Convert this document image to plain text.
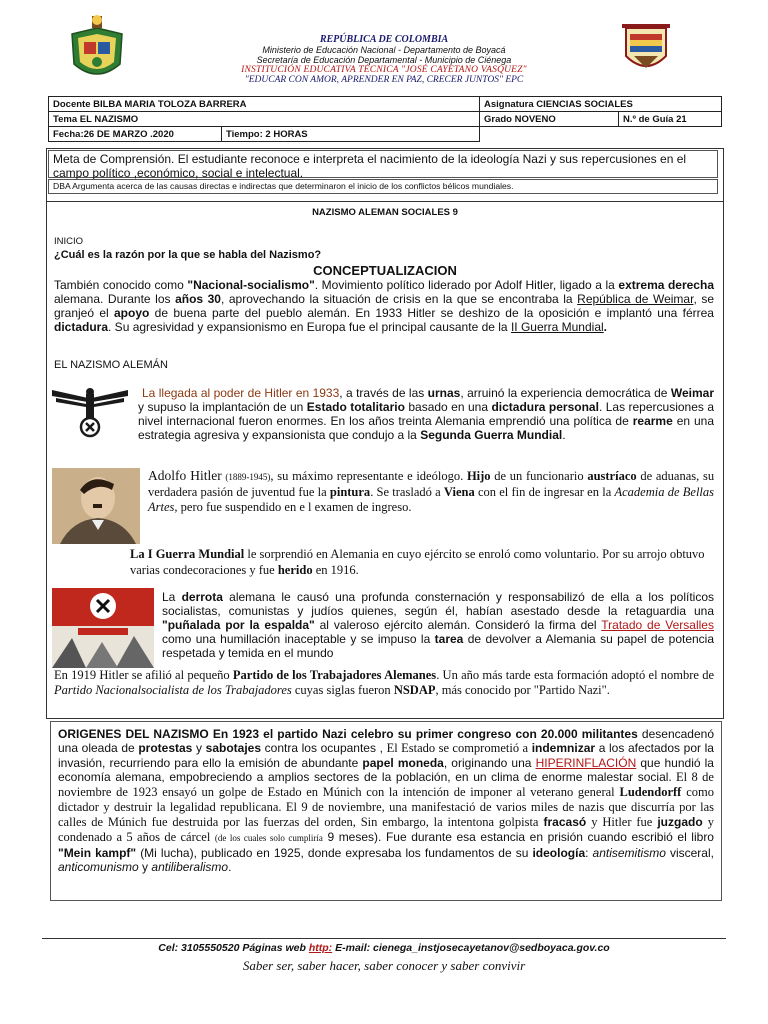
REPÚBLICA DE COLOMBIA
Ministerio de Educación Nacional - Departamento de Boyacá
Secretaría de Educación Departamental - Municipio de Ciénega
INSTITUCIÓN EDUCATIVA TÉCNICA "JOSÉ CAYETANO VASQUEZ"
"EDUCAR CON AMOR, APRENDER EN PAZ, CRECER JUNTOS" EPC
Docente BILBA MARIA TOLOZA BARRERA		Asignatura CIENCIAS SOCIALES	
Tema EL NAZISMO		Grado NOVENO	N.º de Guía 21
Fecha:26 DE MARZO .2020	Tiempo: 2 HORAS		
Meta de Comprensión. El estudiante reconoce e interpreta el nacimiento de la ideología Nazi y sus repercusiones en el campo político ,económico, social e intelectual.
DBA Argumenta acerca de las causas directas e indirectas que determinaron el inicio de los conflictos bélicos mundiales.
NAZISMO ALEMAN SOCIALES 9
INICIO
¿Cuál es la razón por la que se habla del Nazismo?
CONCEPTUALIZACION
También conocido como "Nacional-socialismo". Movimiento político liderado por Adolf Hitler, ligado a la extrema derecha alemana. Durante los años 30, aprovechando la situación de crisis en la que se encontraba la República de Weimar, se granjeó el apoyo de buena parte del pueblo alemán. En 1933 Hitler se deshizo de la oposición e implantó una férrea dictadura. Su agresividad y expansionismo en Europa fue el principal causante de la II Guerra Mundial.
EL NAZISMO ALEMÁN
La llegada al poder de Hitler en 1933, a través de las urnas, arruinó la experiencia democrática de Weimar y supuso la implantación de un Estado totalitario basado en una dictadura personal. Las repercusiones a nivel internacional fueron enormes. En los años treinta Alemania emprendió una política de rearme en una estrategia agresiva y expansionista que condujo a la Segunda Guerra Mundial.
Adolfo Hitler (1889-1945), su máximo representante e ideólogo. Hijo de un funcionario austríaco de aduanas, su verdadera pasión de juventud fue la pintura. Se trasladó a Viena con el fin de ingresar en la Academia de Bellas Artes, pero fue suspendido en e l examen de ingreso.
La I Guerra Mundial le sorprendió en Alemania en cuyo ejército se enroló como voluntario. Por su arrojo obtuvo varias condecoraciones y fue herido en 1916.
La derrota alemana le causó una profunda consternación y responsabilizó de ella a los políticos socialistas, comunistas y judíos quienes, según él, habían asestado desde la retaguardia una "puñalada por la espalda" al valeroso ejército alemán. Consideró la firma del Tratado de Versalles como una humillación inaceptable y se impuso la tarea de devolver a Alemania su papel de potencia respetada y temida en el mundo
En 1919 Hitler se afilió al pequeño Partido de los Trabajadores Alemanes. Un año más tarde esta formación adoptó el nombre de Partido Nacionalsocialista de los Trabajadores cuyas siglas fueron NSDAP, más conocido por "Partido Nazi".
ORIGENES DEL NAZISMO En 1923 el partido Nazi celebro su primer congreso con 20.000 militantes desencadenó una oleada de protestas y sabotajes contra los ocupantes , El Estado se comprometió a indemnizar a los afectados por la invasión, recurriendo para ello la emisión de abundante papel moneda, originando una HIPERINFLACIÓN que hundió la economía alemana, empobreciendo a amplios sectores de la población, en un clima de enorme malestar social. El 8 de noviembre de 1923 ensayó un golpe de Estado en Múnich con la intención de imponer al veterano general Ludendorff como dictador y destruir la legalidad republicana. El 9 de noviembre, una manifestació de varios miles de nazis que discurría por las calles de Múnich fue destruida por las fuerzas del orden, Sin embargo, la intentona golpista fracasó y Hitler fue juzgado y condenado a 5 años de cárcel (de los cuales solo cumpliría 9 meses). Fue durante esa estancia en prisión cuando escribió el libro "Mein kampf" (Mi lucha), publicado en 1925, donde expresaba los fundamentos de su ideología: antisemitismo visceral, anticomunismo y antiliberalismo.
Cel: 3105550520 Páginas web http: E-mail: cienega_instjosecayetanov@sedboyaca.gov.co
Saber ser, saber hacer, saber conocer y saber convivir
